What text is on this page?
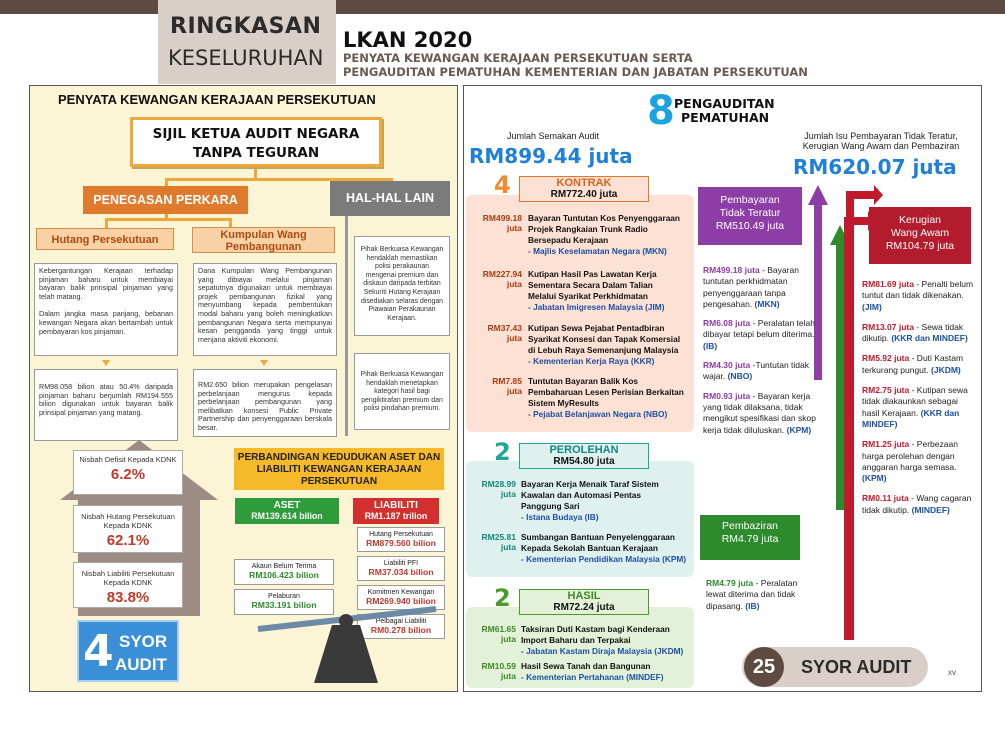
RINGKASAN
KESELURUHAN
LKAN 2020
PENYATA KEWANGAN KERAJAAN PERSEKUTUAN SERTA
PENGAUDITAN PEMATUHAN KEMENTERIAN DAN JABATAN PERSEKUTUAN
PENYATA KEWANGAN KERAJAAN PERSEKUTUAN
SIJIL KETUA AUDIT NEGARA
TANPA TEGURAN
PENEGASAN PERKARA	HAL-HAL LAIN
Hutang Persekutuan	Kumpulan Wang Pembangunan
Kebergantungan Kerajaan terhadap pinjaman baharu untuk membiayai bayaran balik prinsipal pinjaman yang telah matang.
Dalam jangka masa panjang, bebanan kewangan Negara akan bertambah untuk pembayaran kos pinjaman.
Dana Kumpulan Wang Pembangunan yang dibiayai melalui pinjaman sepatutnya digunakan untuk membiayai projek pembangunan fizikal yang menyumbang kepada pembentukan modal baharu yang boleh meningkatkan pembangunan Negara serta mempunyai kesan pengganda yang tinggi untuk menjana aktiviti ekonomi.
RM98.058 bilion atau 50.4% daripada pinjaman baharu berjumlah RM194.555 bilion digunakan untuk bayaran balik prinsipal pinjaman yang matang.
RM2.650 bilion merupakan pengelasan perbelanjaan mengurus kepada perbelanjaan pembangunan yang melibatkan konsesi Public Private Partnership dan penyenggaraan berskala besar.
Pihak Berkuasa Kewangan hendaklah memastikan polisi perakaunan mengenai premium dan diskaun daripada terbitan Sekuriti Hutang Kerajaan disediakan selaras dengan Piawaian Perakaunan Kerajaan.
Pihak Berkuasa Kewangan hendaklah menetapkan kategori hasil bagi pengiktirafan premium dan polisi pindahan premium.
Nisbah Defisit Kepada KDNK
6.2%
Nisbah Hutang Persekutuan Kepada KDNK
62.1%
Nisbah Liabiliti Persekutuan Kepada KDNK
83.8%
4 SYOR
AUDIT
PERBANDINGAN KEDUDUKAN ASET DAN LIABILITI KEWANGAN KERAJAAN PERSEKUTUAN
ASET
RM139.614 bilion
LIABILITI
RM1.187 trilion
Akaun Belum Terima
RM106.423 bilion
Pelaburan
RM33.191 bilion
Hutang Persekutuan
RM879.560 bilion
Liabiliti PFI
RM37.034 bilion
Komitmen Kewangan
RM269.940 bilion
Pelbagai Liabiliti
RM0.278 bilion
8 PENGAUDITAN
PEMATUHAN
Jumlah Semakan Audit
RM899.44 juta
Jumlah Isu Pembayaran Tidak Teratur,
Kerugian Wang Awam dan Pembaziran
RM620.07 juta
4	KONTRAK
RM772.40 juta
RM499.18
juta
Bayaran Tuntutan Kos Penyenggaraan
Projek Rangkaian Trunk Radio
Bersepadu Kerajaan
- Majlis Keselamatan Negara (MKN)
RM227.94
juta
Kutipan Hasil Pas Lawatan Kerja
Sementara Secara Dalam Talian
Melalui Syarikat Perkhidmatan
- Jabatan Imigresen Malaysia (JIM)
RM37.43
juta
Kutipan Sewa Pejabat Pentadbiran
Syarikat Konsesi dan Tapak Komersial
di Lebuh Raya Semenanjung Malaysia
- Kementerian Kerja Raya (KKR)
RM7.85
juta
Tuntutan Bayaran Balik Kos
Pembaharuan Lesen Perisian Berkaitan
Sistem MyResults
- Pejabat Belanjawan Negara (NBO)
2	PEROLEHAN
RM54.80 juta
RM28.99
juta
Bayaran Kerja Menaik Taraf Sistem
Kawalan dan Automasi Pentas
Panggung Sari
- Istana Budaya (IB)
RM25.81
juta
Sumbangan Bantuan Penyelenggaraan
Kepada Sekolah Bantuan Kerajaan
- Kementerian Pendidikan Malaysia (KPM)
2	HASIL
RM72.24 juta
RM61.65
juta
Taksiran Duti Kastam bagi Kenderaan
Import Baharu dan Terpakai
- Jabatan Kastam Diraja Malaysia (JKDM)
RM10.59
juta
Hasil Sewa Tanah dan Bangunan
- Kementerian Pertahanan (MINDEF)
Pembayaran
Tidak Teratur
RM510.49 juta
RM499.18 juta - Bayaran tuntutan perkhidmatan penyenggaraan tanpa pengesahan. (MKN)
RM6.08 juta - Peralatan telah dibayar tetapi belum diterima. (IB)
RM4.30 juta -Tuntutan tidak wajar. (NBO)
RM0.93 juta - Bayaran kerja yang tidak dilaksana, tidak mengikut spesifikasi dan skop kerja tidak diluluskan. (KPM)
Pembaziran
RM4.79 juta
RM4.79 juta - Peralatan lewat diterima dan tidak dipasang. (IB)
Kerugian
Wang Awam
RM104.79 juta
RM81.69 juta - Penalti belum tuntut dan tidak dikenakan. (JIM)
RM13.07 juta - Sewa tidak dikutip. (KKR dan MINDEF)
RM5.92 juta - Duti Kastam terkurang pungut. (JKDM)
RM2.75 juta - Kutipan sewa tidak diakaunkan sebagai hasil Kerajaan. (KKR dan MINDEF)
RM1.25 juta - Perbezaan harga perolehan dengan anggaran harga semasa. (KPM)
RM0.11 juta - Wang cagaran tidak dikutip. (MINDEF)
25	SYOR AUDIT	xv
